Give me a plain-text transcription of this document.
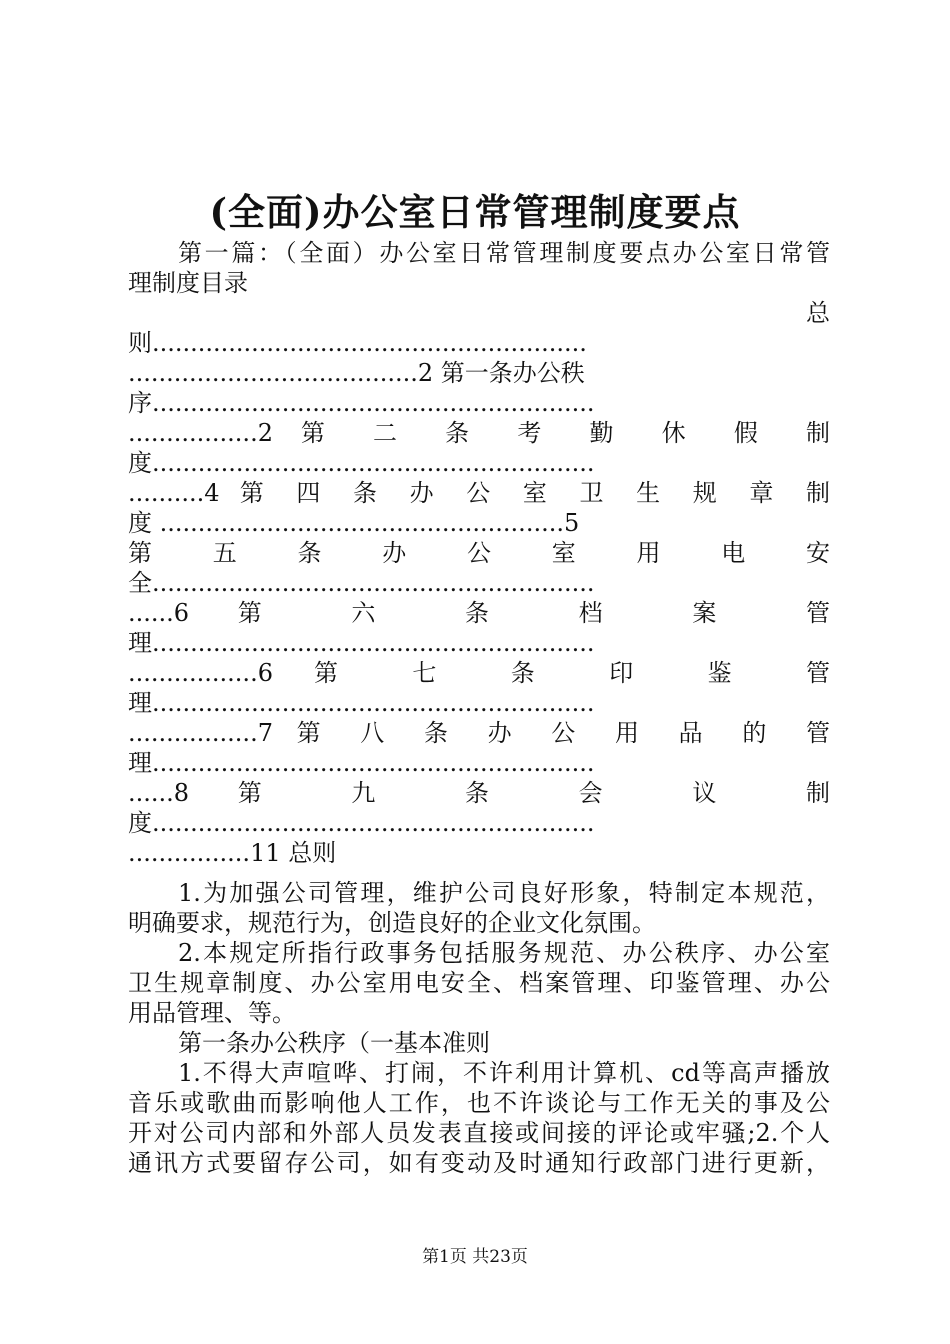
(全面)办公室日常管理制度要点
第一篇：（全面）办公室日常管理制度要点办公室日常管
理制度目录
总
则.........................................................
......................................2 第一条办公秩
序..........................................................
.................2 第 二 条 考 勤 休 假 制
度..........................................................
..........4 第 四 条 办 公 室 卫 生 规 章 制
度 .....................................................5
第 五 条 办 公 室 用 电 安
全..........................................................
......6 第 六 条 档 案 管
理..........................................................
.................6 第 七 条 印 鉴 管
理..........................................................
.................7 第 八 条 办 公 用 品 的 管
理..........................................................
......8 第 九 条 会 议 制
度..........................................................
................11 总则
1.为加强公司管理，维护公司良好形象，特制定本规范，
明确要求，规范行为，创造良好的企业文化氛围。
2.本规定所指行政事务包括服务规范、办公秩序、办公室
卫生规章制度、办公室用电安全、档案管理、印鉴管理、办公
用品管理、等。
第一条办公秩序（一基本准则
1.不得大声喧哗、打闹，不许利用计算机、cd等高声播放
音乐或歌曲而影响他人工作，也不许谈论与工作无关的事及公
开对公司内部和外部人员发表直接或间接的评论或牢骚;2.个人
通讯方式要留存公司，如有变动及时通知行政部门进行更新，
第1页 共23页
